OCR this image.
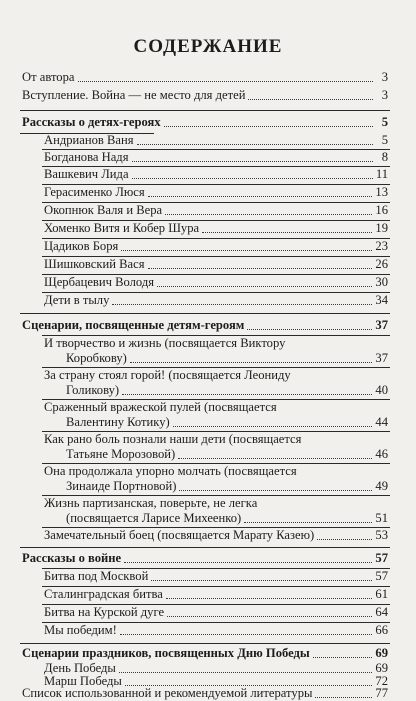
СОДЕРЖАНИЕ
От автора	3
Вступление. Война — не место для детей	3
Рассказы о детях-героях	5
Андрианов Ваня	5
Богданова Надя	8
Вашкевич Лида	11
Герасименко Люся	13
Окопнюк Валя и Вера	16
Хоменко Витя и Кобер Шура	19
Цадиков Боря	23
Шишковский Вася	26
Щербацевич Володя	30
Дети в тылу	34
Сценарии, посвященные детям-героям	37
И творчество и жизнь (посвящается Виктору
Коробкову)	37
За страну стоял горой! (посвящается Леониду
Голикову)	40
Сраженный вражеской пулей (посвящается
Валентину Котику)	44
Как рано боль познали наши дети (посвящается
Татьяне Морозовой)	46
Она продолжала упорно молчать (посвящается
Зинаиде Портновой)	49
Жизнь партизанская, поверьте, не легка
(посвящается Ларисе Михеенко)	51
Замечательный боец (посвящается Марату Казею)	53
Рассказы о войне	57
Битва под Москвой	57
Сталинградская битва	61
Битва на Курской дуге	64
Мы победим!	66
Сценарии праздников, посвященных Дню Победы	69
День Победы	69
Марш Победы	72
Список использованной и рекомендуемой литературы	77
